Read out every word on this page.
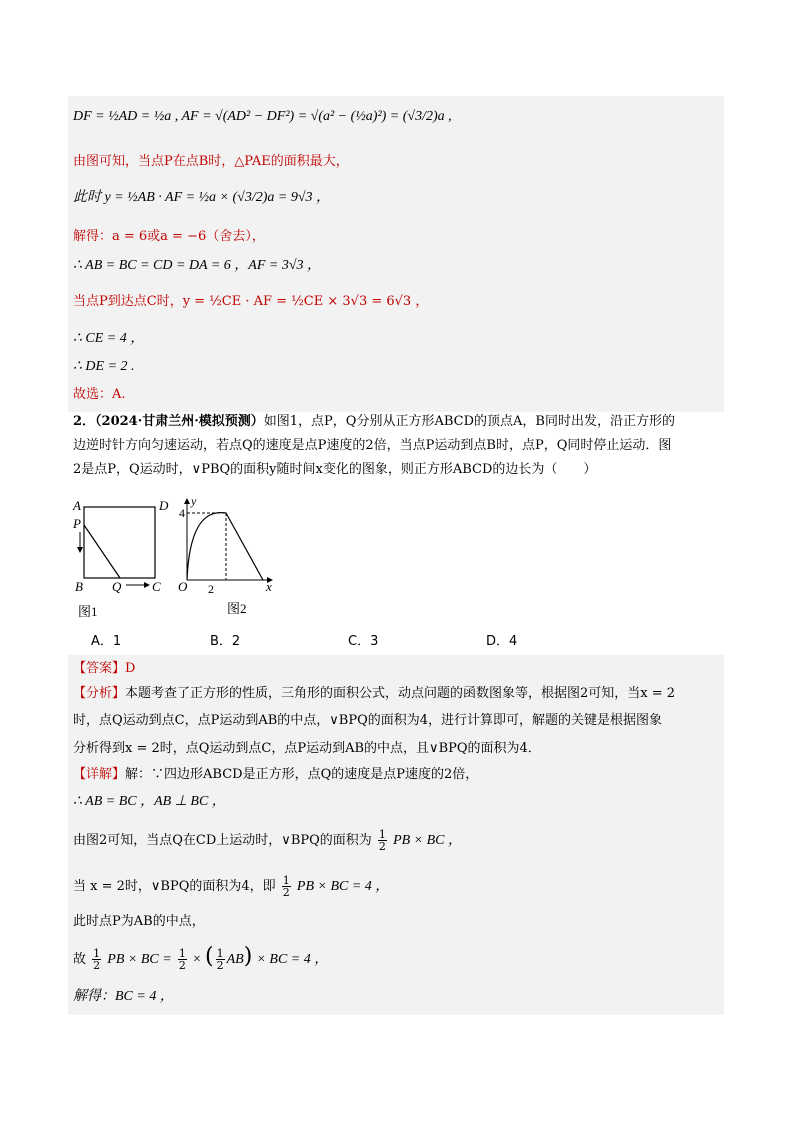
DF = ½AD = ½a , AF = √(AD² − DF²) = √(a² − (½a)²) = (√3/2)a ,
由图可知，当点P在点B时，△PAE的面积最大，
此时 y = ½AB · AF = ½a × (√3/2)a = 9√3 ，
解得：a = 6或a = −6（舍去），
∴ AB = BC = CD = DA = 6 ，AF = 3√3 ，
当点P到达点C时，y = ½CE · AF = ½CE × 3√3 = 6√3 ，
∴ CE = 4 ，
∴ DE = 2 .
故选：A.
2．（2024·甘肃兰州·模拟预测）如图1，点P，Q分别从正方形ABCD的顶点A，B同时出发，沿正方形的
边逆时针方向匀速运动，若点Q的速度是点P速度的2倍，当点P运动到点B时，点P，Q同时停止运动．图
2是点P，Q运动时，∨PBQ的面积y随时间x变化的图象，则正方形ABCD的边长为（　　）
A	D
P
B Q C
图1
y
4
O 2	x
图2
A．1	B．2	C．3	D．4
【答案】D
【分析】本题考查了正方形的性质，三角形的面积公式，动点问题的函数图象等，根据图2可知，当x = 2
时，点Q运动到点C，点P运动到AB的中点，∨BPQ的面积为4，进行计算即可，解题的关键是根据图象
分析得到x = 2时，点Q运动到点C，点P运动到AB的中点，且∨BPQ的面积为4．
【详解】解：∵四边形ABCD是正方形，点Q的速度是点P速度的2倍，
∴ AB = BC ，AB ⊥ BC ，
由图2可知，当点Q在CD上运动时，∨BPQ的面积为 $\frac{1}{2}$ PB × BC ，
当 x = 2时，∨BPQ的面积为4，即 $\frac{1}{2}$ PB × BC = 4 ，
此时点P为AB的中点，
故 $\frac{1}{2}$ PB × BC = $\frac{1}{2}$ × ( $\frac{1}{2} AB$) × BC = 4 ，
解得：BC = 4 ，
